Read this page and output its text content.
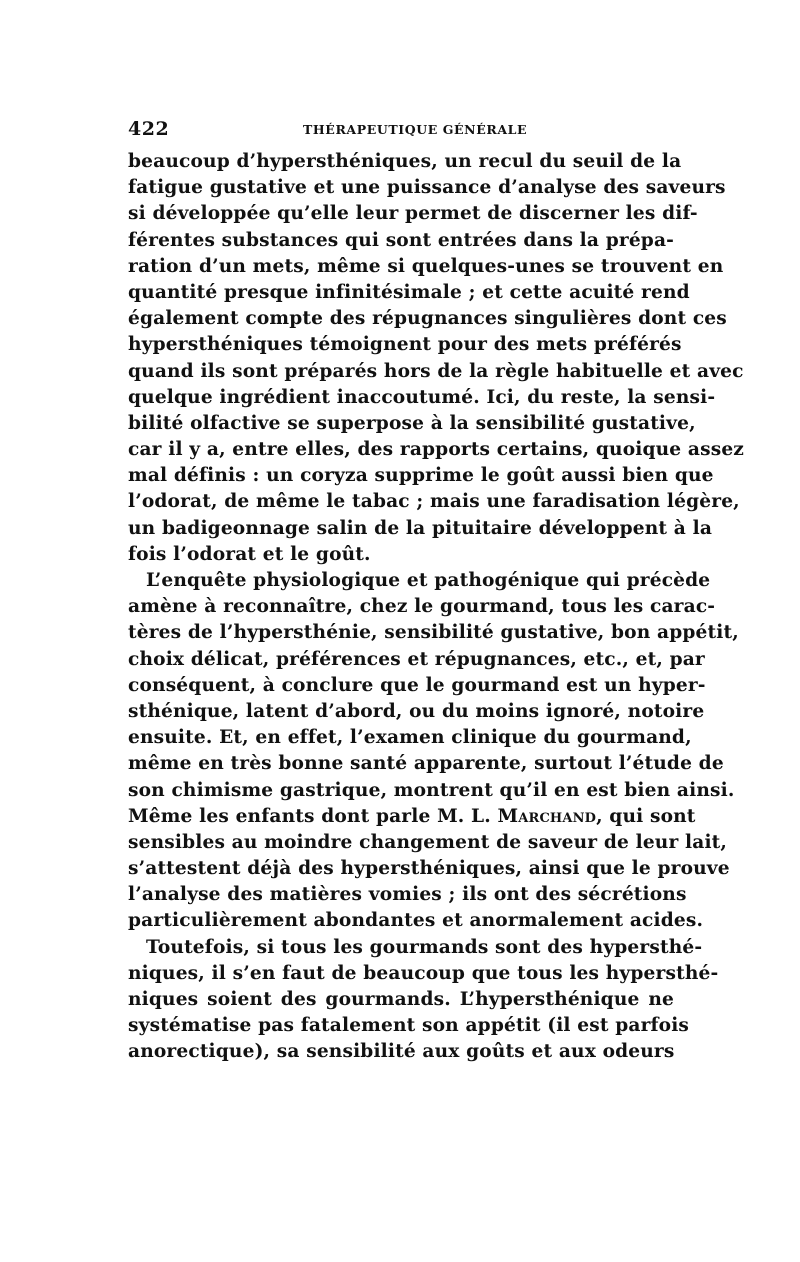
422	THÉRAPEUTIQUE GÉNÉRALE
beaucoup d’hypersthéniques, un recul du seuil de la
fatigue gustative et une puissance d’analyse des saveurs
si développée qu’elle leur permet de discerner les dif-
férentes substances qui sont entrées dans la prépa-
ration d’un mets, même si quelques-unes se trouvent en
quantité presque infinitésimale ; et cette acuité rend
également compte des répugnances singulières dont ces
hypersthéniques témoignent pour des mets préférés
quand ils sont préparés hors de la règle habituelle et avec
quelque ingrédient inaccoutumé. Ici, du reste, la sensi-
bilité olfactive se superpose à la sensibilité gustative,
car il y a, entre elles, des rapports certains, quoique assez
mal définis : un coryza supprime le goût aussi bien que
l’odorat, de même le tabac ; mais une faradisation légère,
un badigeonnage salin de la pituitaire développent à la
fois l’odorat et le goût.
L’enquête physiologique et pathogénique qui précède
amène à reconnaître, chez le gourmand, tous les carac-
tères de l’hypersthénie, sensibilité gustative, bon appétit,
choix délicat, préférences et répugnances, etc., et, par
conséquent, à conclure que le gourmand est un hyper-
sthénique, latent d’abord, ou du moins ignoré, notoire
ensuite. Et, en effet, l’examen clinique du gourmand,
même en très bonne santé apparente, surtout l’étude de
son chimisme gastrique, montrent qu’il en est bien ainsi.
Même les enfants dont parle M. L. Marchand, qui sont
sensibles au moindre changement de saveur de leur lait,
s’attestent déjà des hypersthéniques, ainsi que le prouve
l’analyse des matières vomies ; ils ont des sécrétions
particulièrement abondantes et anormalement acides.
Toutefois, si tous les gourmands sont des hypersthé-
niques, il s’en faut de beaucoup que tous les hypersthé-
niques soient des gourmands. L’hypersthénique ne
systématise pas fatalement son appétit (il est parfois
anorectique), sa sensibilité aux goûts et aux odeurs
